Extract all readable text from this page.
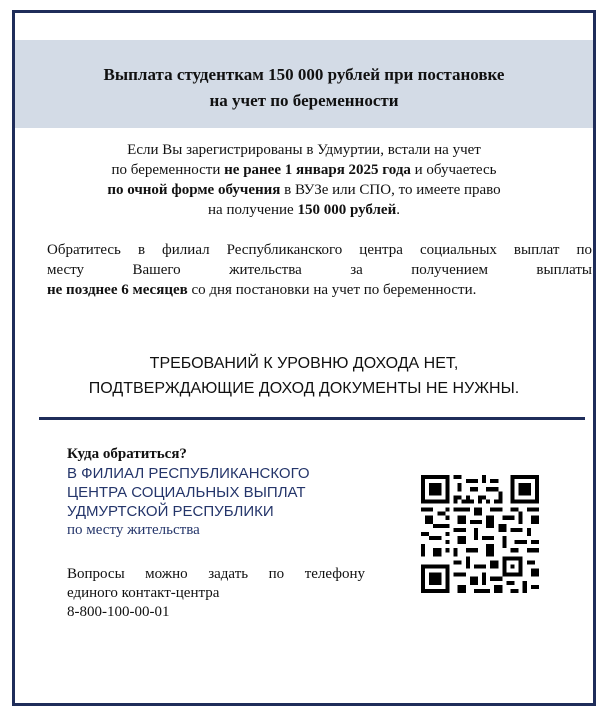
Выплата студенткам 150 000 рублей при постановке
на учет по беременности
Если Вы зарегистрированы в Удмуртии, встали на учет
по беременности не ранее 1 января 2025 года и обучаетесь
по очной форме обучения в ВУЗе или СПО, то имеете право
на получение 150 000 рублей.
Обратитесь в филиал Республиканского центра социальных выплат по
месту Вашего жительства за получением выплаты
не позднее 6 месяцев со дня постановки на учет по беременности.
ТРЕБОВАНИЙ К УРОВНЮ ДОХОДА НЕТ,
ПОДТВЕРЖДАЮЩИЕ ДОХОД ДОКУМЕНТЫ НЕ НУЖНЫ.
Куда обратиться?
В ФИЛИАЛ РЕСПУБЛИКАНСКОГО
ЦЕНТРА СОЦИАЛЬНЫХ ВЫПЛАТ
УДМУРТСКОЙ РЕСПУБЛИКИ
по месту жительства
Вопросы можно задать по телефону
единого контакт-центра
8-800-100-00-01
